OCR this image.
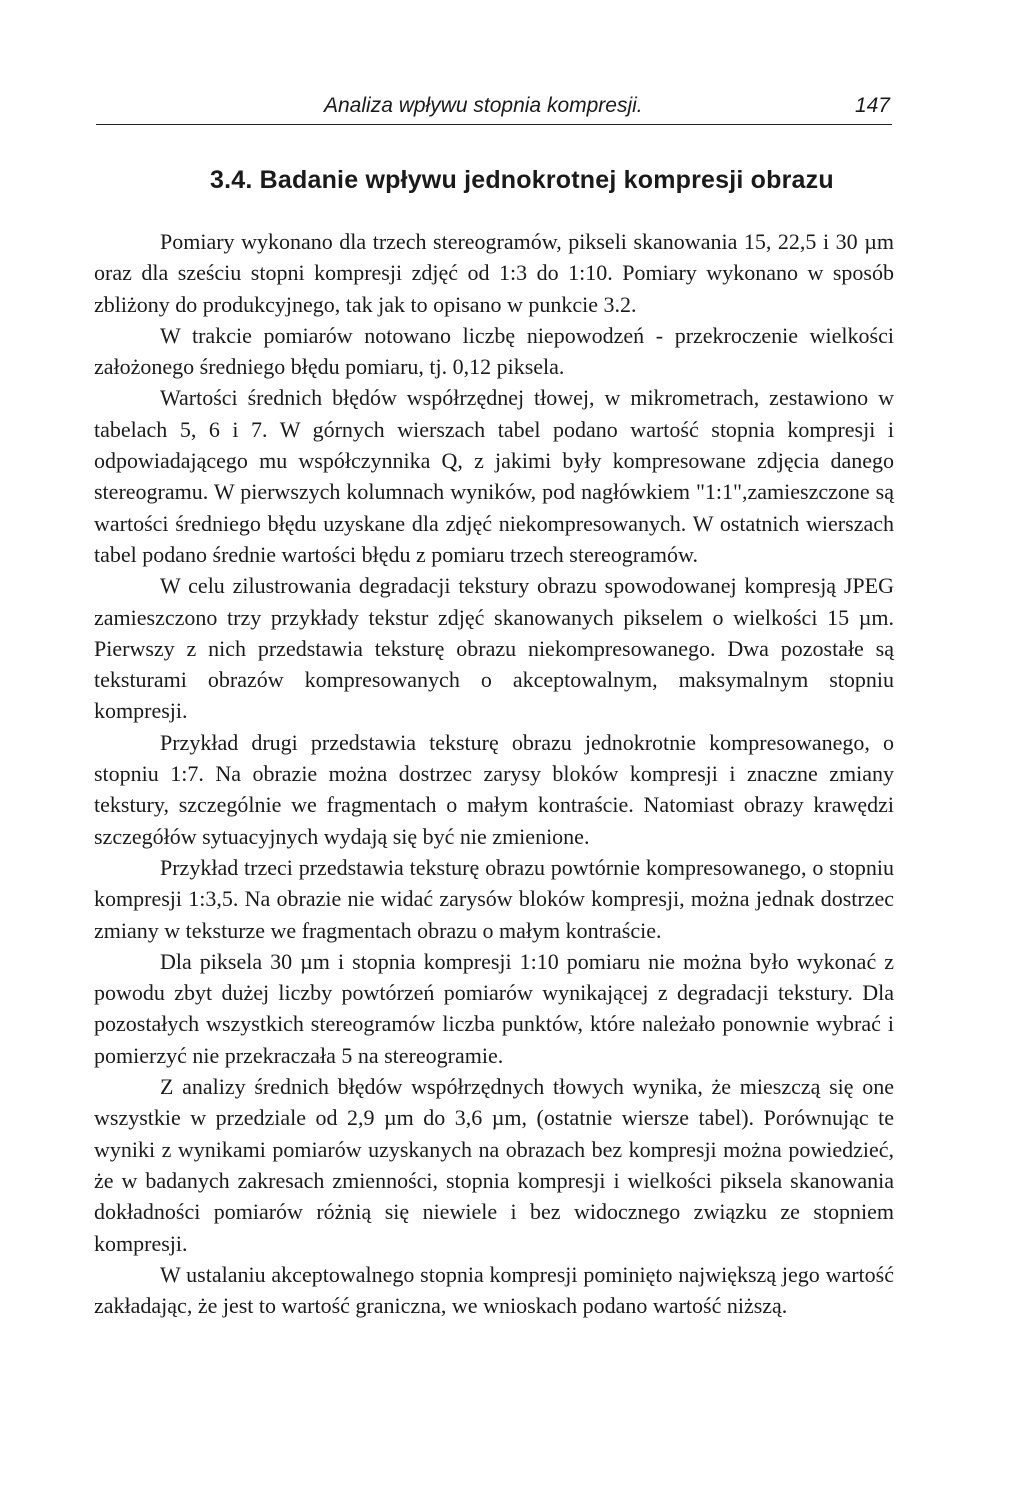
Analiza wpływu stopnia kompresji.	147
3.4. Badanie wpływu jednokrotnej kompresji obrazu

Pomiary wykonano dla trzech stereogramów, pikseli skanowania 15, 22,5 i 30 µm oraz dla sześciu stopni kompresji zdjęć od 1:3 do 1:10. Pomiary wykonano w sposób zbliżony do produkcyjnego, tak jak to opisano w punkcie 3.2.

W trakcie pomiarów notowano liczbę niepowodzeń - przekroczenie wielkości założonego średniego błędu pomiaru, tj. 0,12 piksela.

Wartości średnich błędów współrzędnej tłowej, w mikrometrach, zestawiono w tabelach 5, 6 i 7. W górnych wierszach tabel podano wartość stopnia kompresji i odpowiadającego mu współczynnika Q, z jakimi były kompresowane zdjęcia danego stereogramu. W pierwszych kolumnach wyników, pod nagłówkiem "1:1",zamieszczone są wartości średniego błędu uzyskane dla zdjęć niekompresowanych. W ostatnich wierszach tabel podano średnie wartości błędu z pomiaru trzech stereogramów.

W celu zilustrowania degradacji tekstury obrazu spowodowanej kompresją JPEG zamieszczono trzy przykłady tekstur zdjęć skanowanych pikselem o wielkości 15 µm. Pierwszy z nich przedstawia teksturę obrazu niekompresowanego. Dwa pozostałe są teksturami obrazów kompresowanych o akceptowalnym, maksymalnym stopniu kompresji.

Przykład drugi przedstawia teksturę obrazu jednokrotnie kompresowanego, o stopniu 1:7. Na obrazie można dostrzec zarysy bloków kompresji i znaczne zmiany tekstury, szczególnie we fragmentach o małym kontraście. Natomiast obrazy krawędzi szczegółów sytuacyjnych wydają się być nie zmienione.

Przykład trzeci przedstawia teksturę obrazu powtórnie kompresowanego, o stopniu kompresji 1:3,5. Na obrazie nie widać zarysów bloków kompresji, można jednak dostrzec zmiany w teksturze we fragmentach obrazu o małym kontraście.

Dla piksela 30 µm i stopnia kompresji 1:10 pomiaru nie można było wykonać z powodu zbyt dużej liczby powtórzeń pomiarów wynikającej z degradacji tekstury. Dla pozostałych wszystkich stereogramów liczba punktów, które należało ponownie wybrać i pomierzyć nie przekraczała 5 na stereogramie.

Z analizy średnich błędów współrzędnych tłowych wynika, że mieszczą się one wszystkie w przedziale od 2,9 µm do 3,6 µm, (ostatnie wiersze tabel). Porównując te wyniki z wynikami pomiarów uzyskanych na obrazach bez kompresji można powiedzieć, że w badanych zakresach zmienności, stopnia kompresji i wielkości piksela skanowania dokładności pomiarów różnią się niewiele i bez widocznego związku ze stopniem kompresji.

W ustalaniu akceptowalnego stopnia kompresji pominięto największą jego wartość zakładając, że jest to wartość graniczna, we wnioskach podano wartość niższą.
